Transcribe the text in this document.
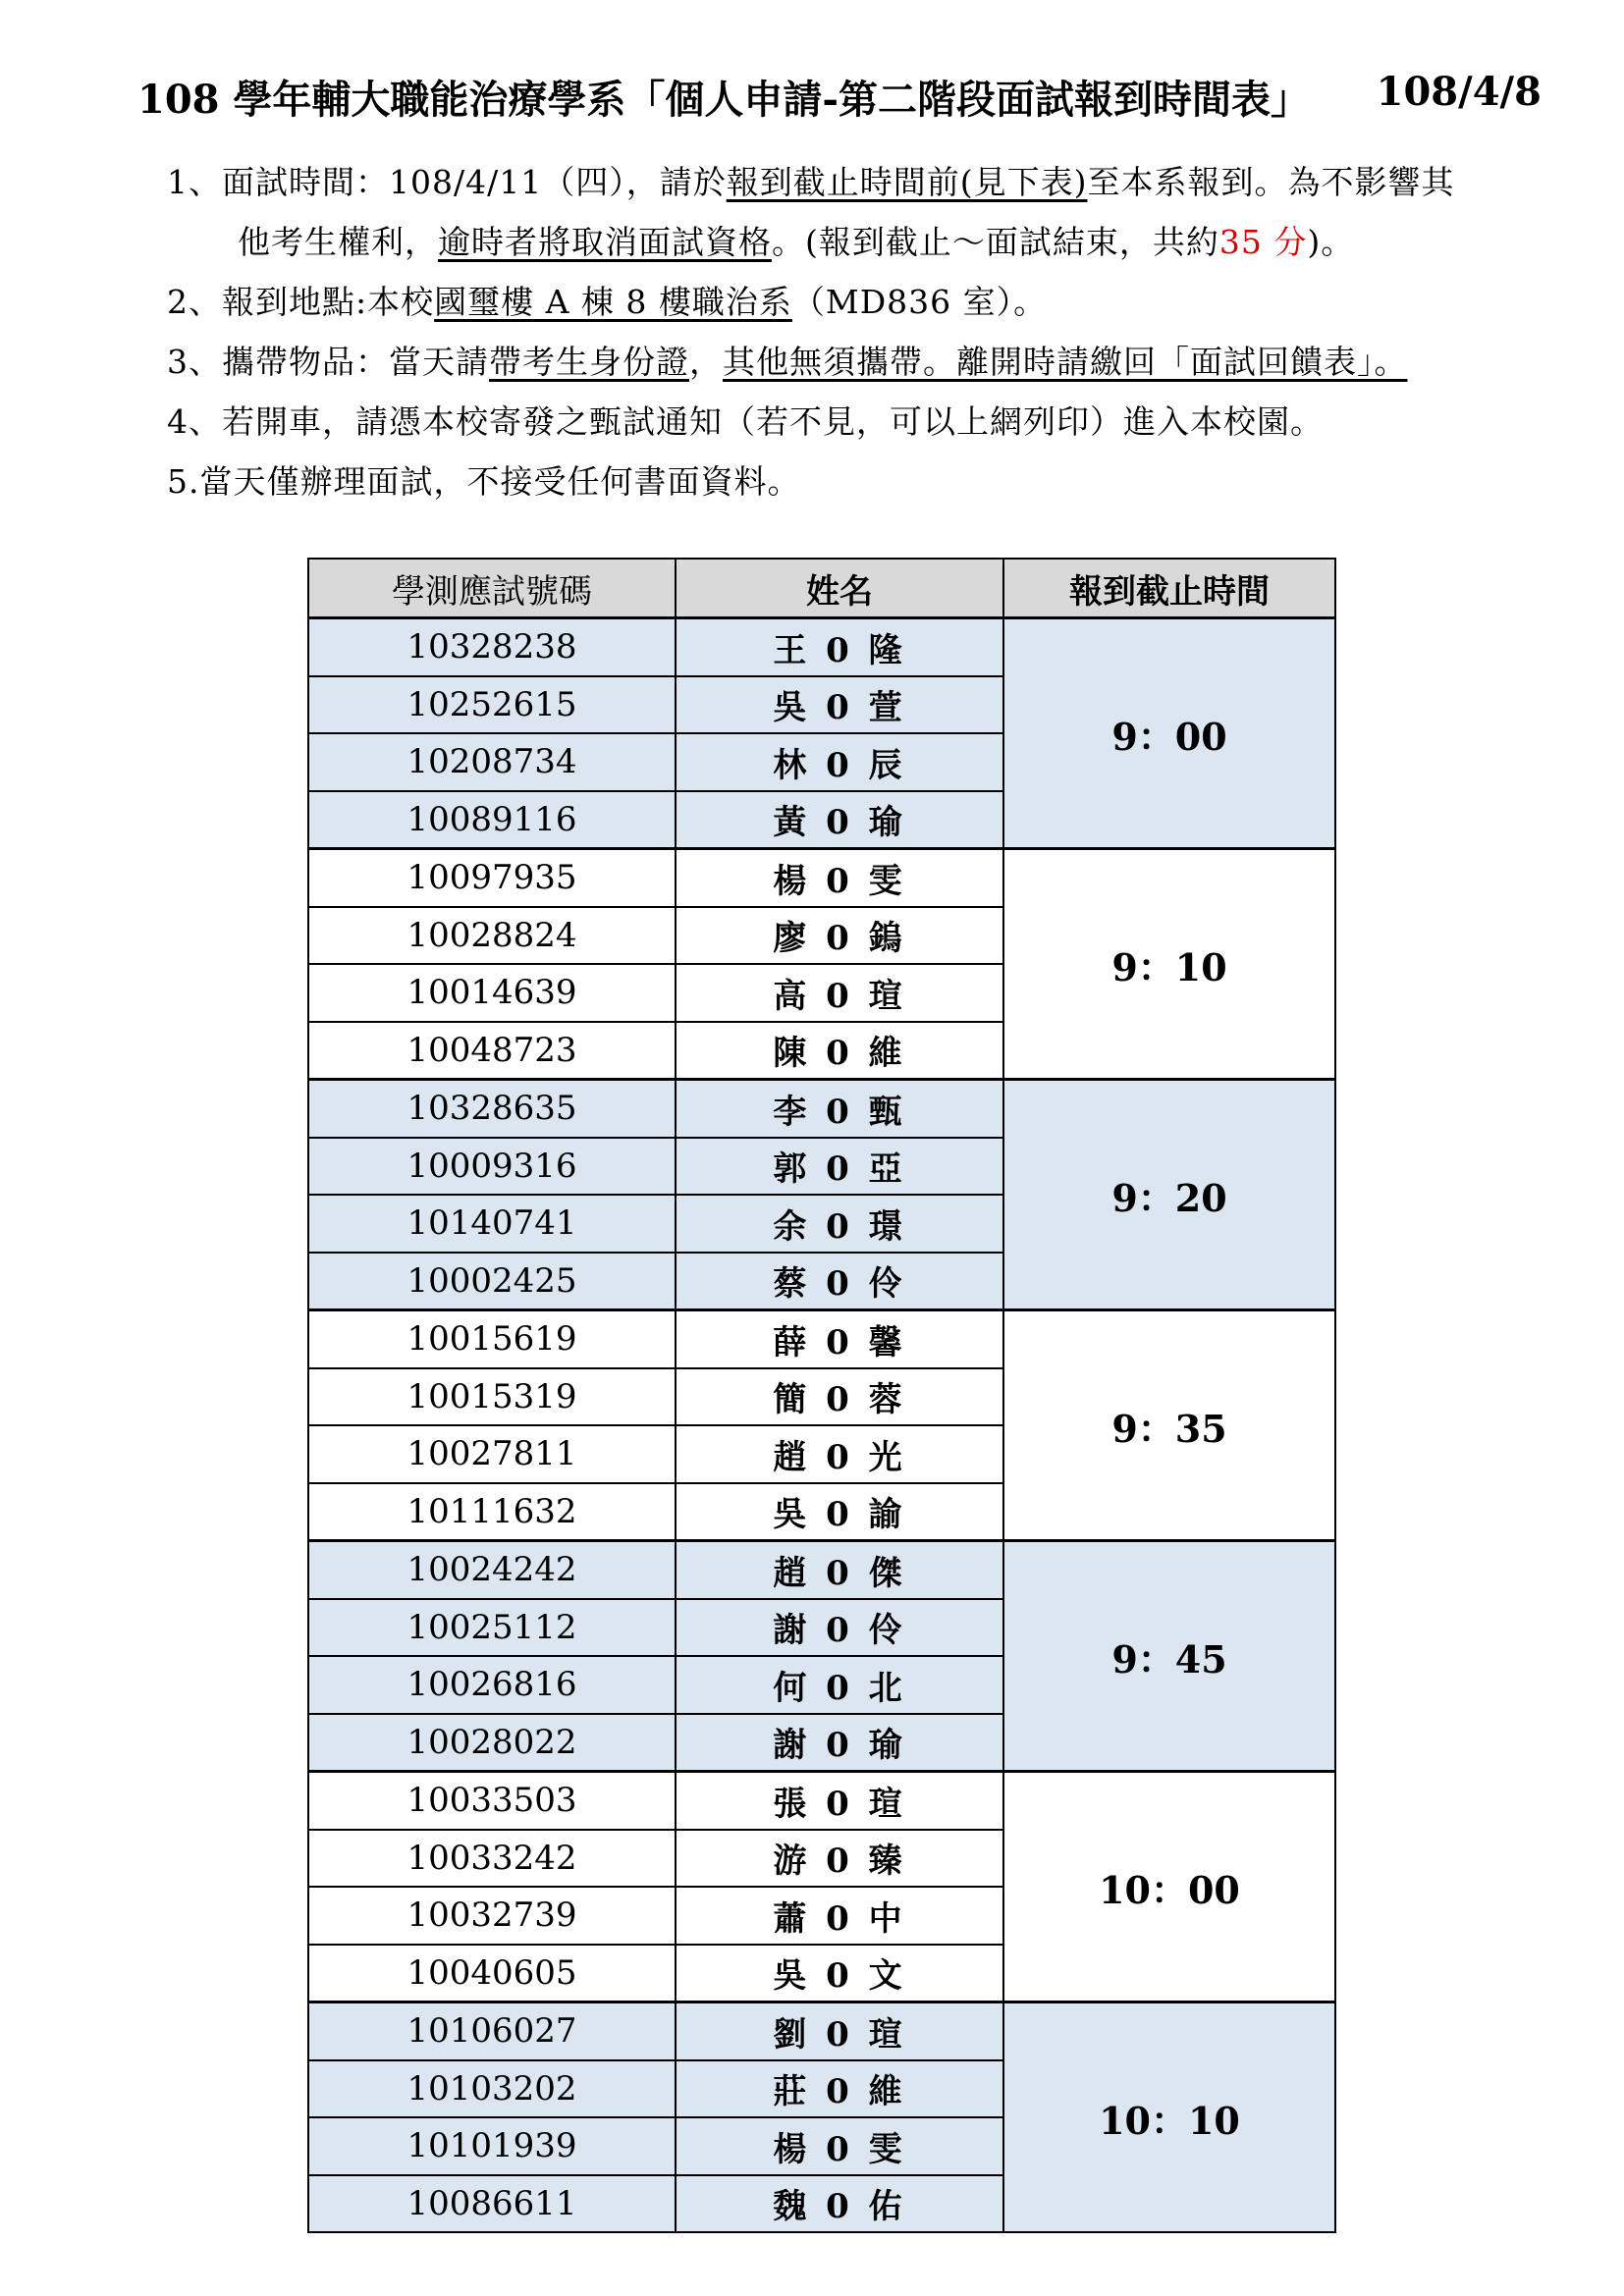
108 學年輔大職能治療學系「個人申請-第二階段面試報到時間表」 108/4/8
1、面試時間：108/4/11（四），請於報到截止時間前(見下表)至本系報到。為不影響其
他考生權利，逾時者將取消面試資格。(報到截止～面試結束，共約35 分)。
2、報到地點:本校國璽樓 A 棟 8 樓職治系（MD836 室）。
3、攜帶物品：當天請帶考生身份證，其他無須攜帶。離開時請繳回「面試回饋表」。
4、若開車，請憑本校寄發之甄試通知（若不見，可以上網列印）進入本校園。
5.當天僅辦理面試，不接受任何書面資料。
學測應試號碼	姓名	報到截止時間
10328238	王 0 隆	9：00
10252615	吳 0 萱	
10208734	林 0 辰	
10089116	黃 0 瑜	
10097935	楊 0 雯	9：10
10028824	廖 0 鎢	
10014639	高 0 瑄	
10048723	陳 0 維	
10328635	李 0 甄	9：20
10009316	郭 0 亞	
10140741	余 0 璟	
10002425	蔡 0 伶	
10015619	薛 0 馨	9：35
10015319	簡 0 蓉	
10027811	趙 0 光	
10111632	吳 0 諭	
10024242	趙 0 傑	9：45
10025112	謝 0 伶	
10026816	何 0 北	
10028022	謝 0 瑜	
10033503	張 0 瑄	10：00
10033242	游 0 臻	
10032739	蕭 0 中	
10040605	吳 0 文	
10106027	劉 0 瑄	10：10
10103202	莊 0 維	
10101939	楊 0 雯	
10086611	魏 0 佑	
